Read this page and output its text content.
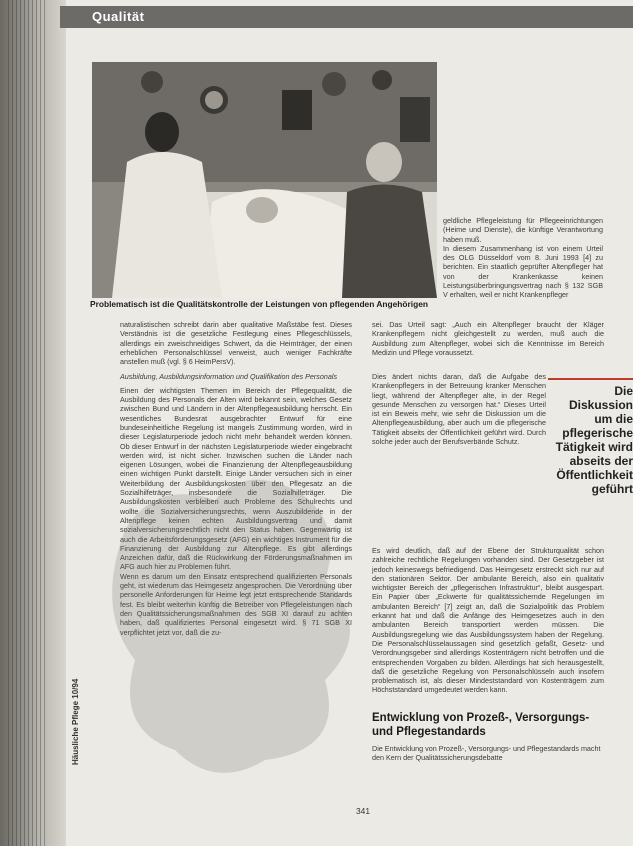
Qualität
Problematisch ist die Qualitätskontrolle der Leistungen von pflegenden Angehörigen

geldliche Pflegeleistung für Pflegeeinrichtungen (Heime und Dienste), die künftige Verantwortung haben muß.

In diesem Zusammenhang ist von einem Urteil des OLG Düsseldorf vom 8. Juni 1993 [4] zu berichten. Ein staatlich geprüfter Altenpfleger hat von der Krankenkasse keinen Leistungsüberbringungsvertrag nach § 132 SGB V erhalten, weil er nicht Krankenpfleger

naturalistischen schreibt darin aber qualitative Maßstäbe fest. Dieses Verständnis ist die gesetzliche Festlegung eines Pflegeschlüssels, allerdings ein zweischneidiges Schwert, da die Heimträger, der einen erheblichen Personalschlüssel verweist, auch weniger Fachkräfte anstellen muß (vgl. § 6 HeimPersV).

Ausbildung, Ausbildungsinformation und Qualifikation des Personals

Einen der wichtigsten Themen im Bereich der Pflegequalität, die Ausbildung des Personals der Alten wird bekannt sein, welches Gesetz zwischen Bund und Ländern in der Altenpflegeausbildung herrscht. Ein wesentliches Bundesrat ausgebrachter Entwurf für eine bundeseinheitliche Regelung ist mangels Zustimmung worden, wird in dieser Legislaturperiode jedoch nicht mehr behandelt werden können. Ob dieser Entwurf in der nächsten Legislaturperiode wieder eingebracht werden wird, ist nicht sicher. Inzwischen suchen die Länder nach eigenen Lösungen, wobei die Finanzierung der Altenpflegeausbildung einen wichtigen Punkt darstellt. Einige Länder versuchen sich in einer Weiterbildung der Ausbildungskosten über den Pflegesatz an die Sozialhilfeträger, insbesondere die Sozialhilfeträger. Die Ausbildungskosten verbleiben auch Probleme des Schulrechts und wollte die Sozialversicherungsrechts, wenn Auszubildende in der Altenpflege keinen echten Ausbildungsvertrag und damit sozialversicherungsrechtlich nicht den Status haben. Gegenwärtig ist auch die Arbeitsförderungsgesetz (AFG) ein wichtiges Instrument für die Finanzierung der Ausbildung zur Altenpflege. Es gibt allerdings Anzeichen dafür, daß die Rückwirkung der Förderungsmaßnahmen im AFG auch hier zu Problemen führt.

Wenn es darum um den Einsatz entsprechend qualifizierten Personals geht, ist wiederum das Heimgesetz angesprochen. Die Verordnung über personelle Anforderungen für Heime legt jetzt entsprechende Standards fest. Es bleibt weiterhin künftig die Betreiber von Pflegeleistungen nach den Qualitätssicherungsmaßnahmen des SGB XI darauf zu achten haben, daß qualifiziertes Personal eingesetzt wird. § 71 SGB XI verpflichtet jetzt vor, daß die zu-

sei. Das Urteil sagt: „Auch ein Altenpfleger braucht der Kläger Krankenpflegern nicht gleichgestellt zu werden, muß auch die Ausbildung zum Altenpfleger, wobei sich die Kenntnisse im Bereich Medizin und Pflege voraussetzt.

Dies ändert nichts daran, daß die Aufgabe des Krankenpflegers in der Betreuung kranker Menschen liegt, während der Altenpfleger alte, in der Regel gesunde Menschen zu versorgen hat.“ Dieses Urteil ist ein Beweis mehr, wie sehr die Diskussion um die Altenpflegeausbildung, aber auch um die pflegerische Tätigkeit abseits der Öffentlichkeit geführt wird. Durch solche jeder auch der Berufsverbände Schutz.

Es wird deutlich, daß auf der Ebene der Strukturqualität schon zahlreiche rechtliche Regelungen vorhanden sind. Der Gesetzgeber ist jedoch keineswegs befriedigend. Das Heimgesetz erstreckt sich nur auf den stationären Sektor. Der ambulante Bereich, also ein qualitativ wichtigster Bereich der „pflegerischen Infrastruktur“, bleibt ausgespart. Ein Papier über „Eckwerte für qualitätssichernde Regelungen im ambulanten Bereich“ [7] zeigt an, daß die Sozialpolitik das Problem erkannt hat und daß die Anfänge des Heimgesetzes auch in den ambulanten Bereich transportiert werden müssen. Die Ausbildungsregelung wie das Ausbildungssystem haben der Regelung. Die Personalschlüsselaussagen sind gesetzlich gefaßt, Gesetz- und Verordnungsgeber sind allerdings Kostenträgern nicht betroffen und die entsprechenden Vorgaben zu bilden. Allerdings hat sich herausgestellt, daß die gesetzliche Regelung von Personalschlüsseln auch insofern problematisch ist, als dieser Mindeststandard von Kostenträgern zum Höchststandard umgedeutet werden kann.

Die Diskussion um die pflegerische Tätigkeit wird abseits der Öffentlichkeit geführt
Entwicklung von Prozeß-, Versorgungs- und Pflegestandards
Die Entwicklung von Prozeß-, Versorgungs- und Pflegestandards macht den Kern der Qualitätssicherungsdebatte
Häusliche Pflege 10/94
341
